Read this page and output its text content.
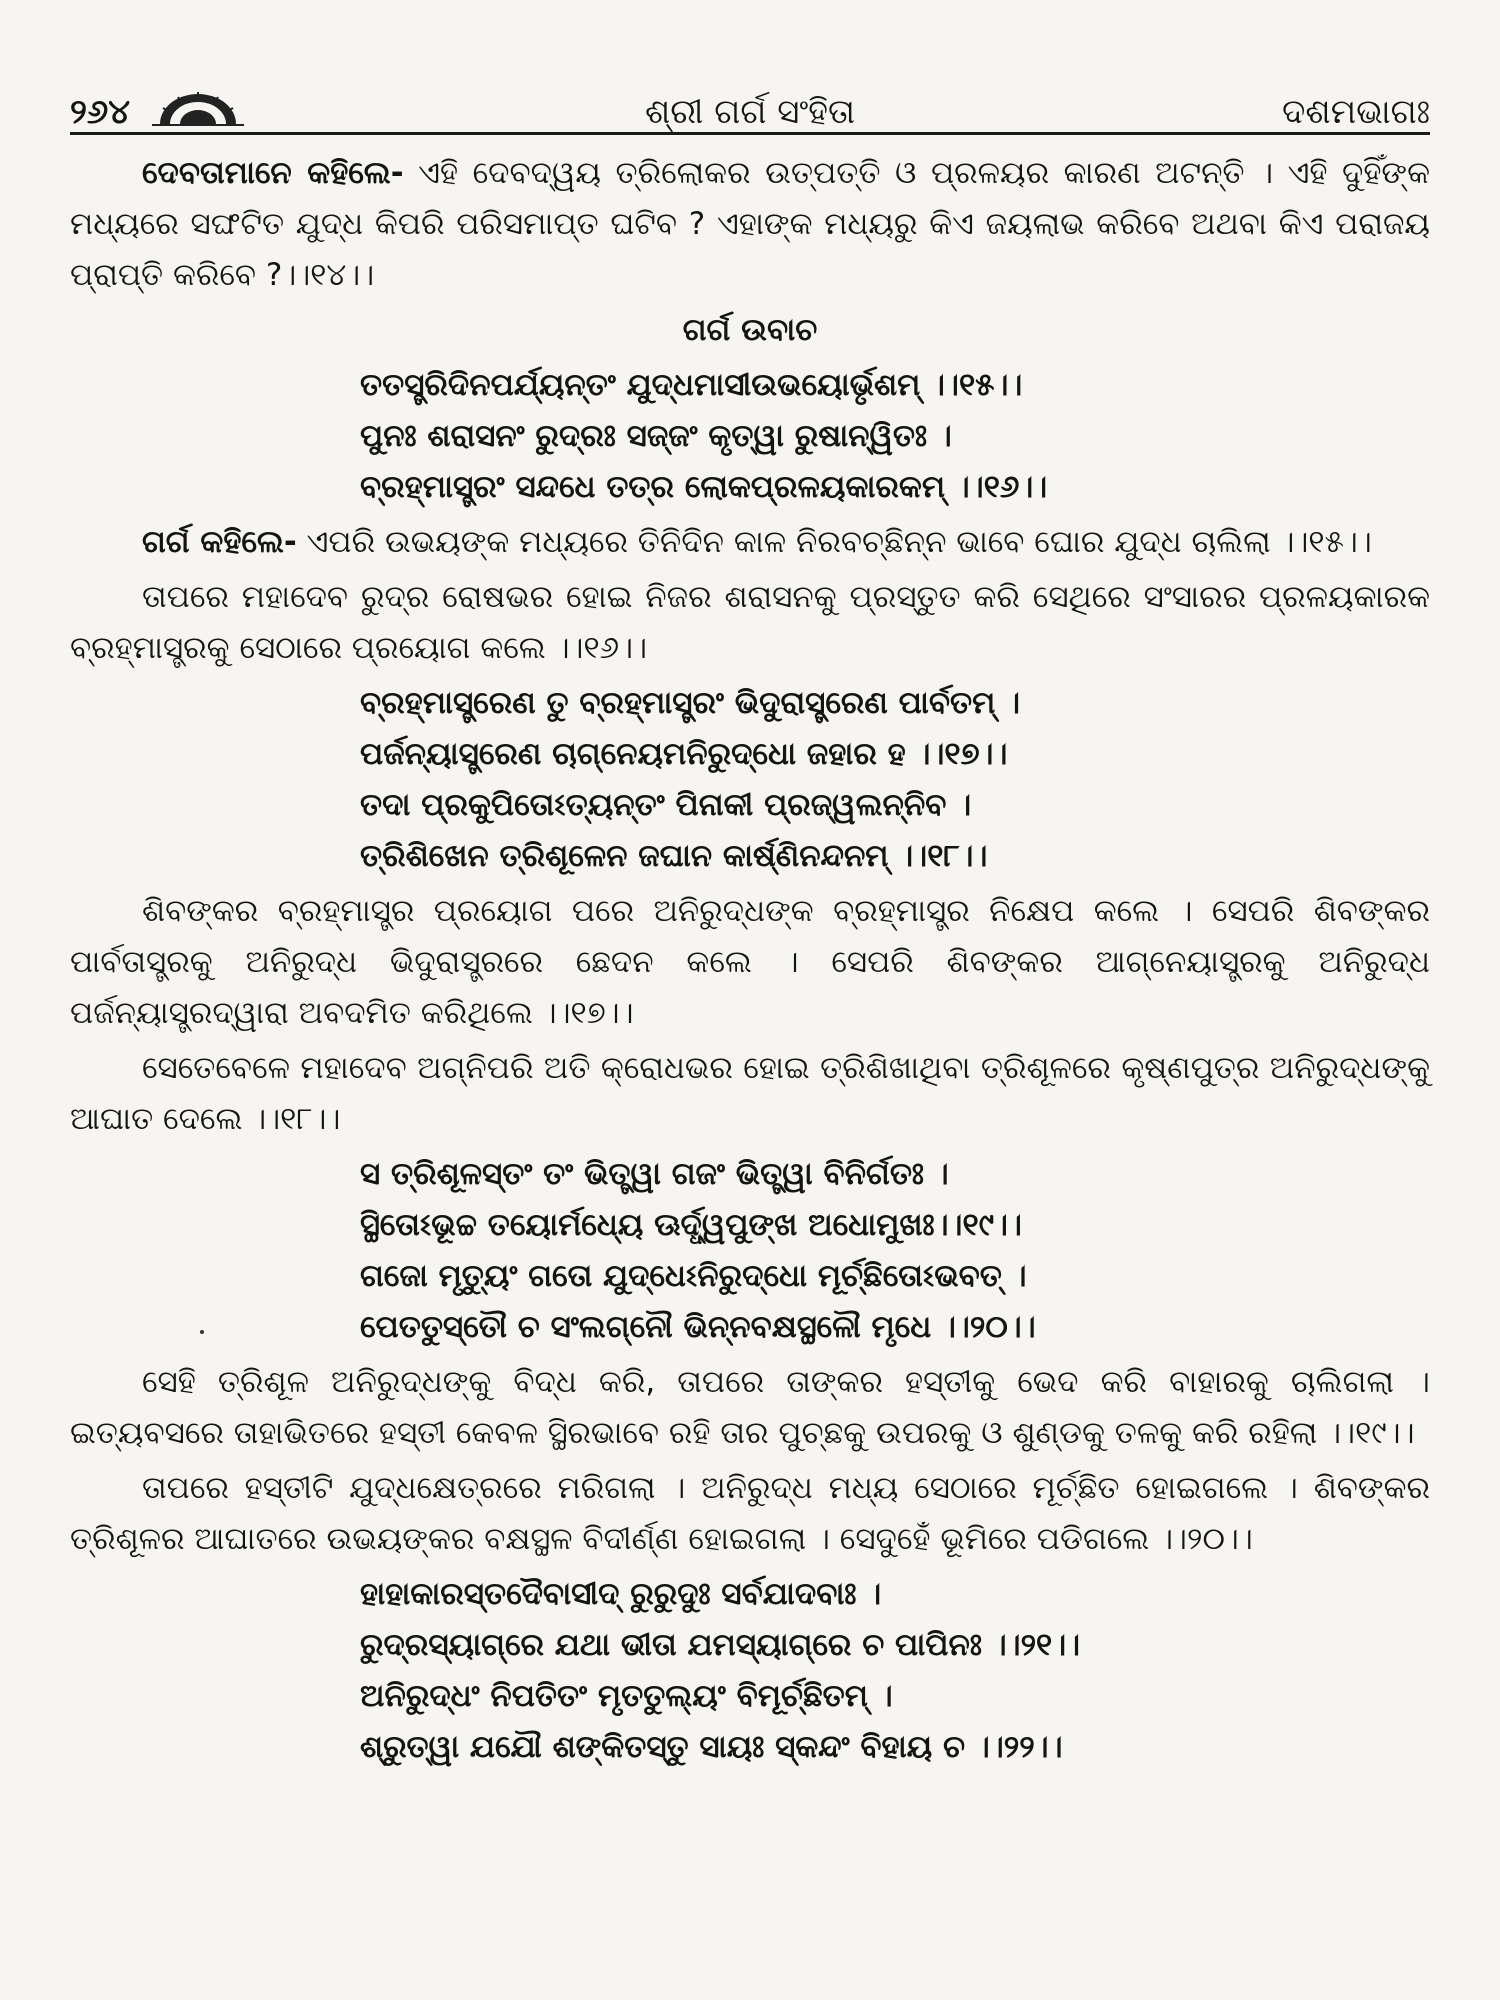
୨୬୪	ଶ୍ରୀ ଗର୍ଗ ସଂହିତା	ଦଶମଭାଗଃ

ଦେବତାମାନେ କହିଲେ- ଏହି ଦେବଦ୍ୱୟ ତ୍ରିଲୋକର ଉତ୍ପତ୍ତି ଓ ପ୍ରଳୟର କାରଣ ଅଟନ୍ତି । ଏହି ଦୁହିଁଙ୍କ ମଧ୍ୟରେ ସଙ୍ଘଟିତ ଯୁଦ୍ଧ କିପରି ପରିସମାପ୍ତ ଘଟିବ ? ଏହାଙ୍କ ମଧ୍ୟରୁ କିଏ ଜୟଲାଭ କରିବେ ଅଥବା କିଏ ପରାଜୟ ପ୍ରାପ୍ତି କରିବେ ?।।୧୪।।

ଗର୍ଗ ଉବାଚ
ତତସ୍ତ୍ରିଦିନପର୍ଯ୍ୟନ୍ତଂ ଯୁଦ୍ଧମାସୀଉଭୟୋର୍ଭୃଶମ୍ ।।୧୫।।
ପୁନଃ ଶରାସନଂ ରୁଦ୍ରଃ ସଜ୍ଜଂ କୃତ୍ୱା ରୁଷାନ୍ୱିତଃ ।
ବ୍ରହ୍ମାସ୍ତ୍ରଂ ସନ୍ଦଧେ ତତ୍ର ଲୋକପ୍ରଳୟକାରକମ୍ ।।୧୬।।

ଗର୍ଗ କହିଲେ- ଏପରି ଉଭୟଙ୍କ ମଧ୍ୟରେ ତିନିଦିନ କାଳ ନିରବଚ୍ଛିନ୍ନ ଭାବେ ଘୋର ଯୁଦ୍ଧ ଚାଲିଲା ।।୧୫।।

ତାପରେ ମହାଦେବ ରୁଦ୍ର ରୋଷଭର ହୋଇ ନିଜର ଶରାସନକୁ ପ୍ରସ୍ତୁତ କରି ସେଥିରେ ସଂସାରର ପ୍ରଳୟକାରକ ବ୍ରହ୍ମାସ୍ତ୍ରକୁ ସେଠାରେ ପ୍ରୟୋଗ କଲେ ।।୧୬।।

ବ୍ରହ୍ମାସ୍ତ୍ରେଣ ତୁ ବ୍ରହ୍ମାସ୍ତ୍ରଂ ଭିଦୁରାସ୍ତ୍ରେଣ ପାର୍ବତମ୍ ।
ପର୍ଜନ୍ୟାସ୍ତ୍ରେଣ ଚାଗ୍ନେୟମନିରୁଦ୍ଧୋ ଜହାର ହ ।।୧୭।।
ତଦା ପ୍ରକୁପିତୋଽତ୍ୟନ୍ତଂ ପିନାକୀ ପ୍ରଜ୍ୱଲନ୍ନିବ ।
ତ୍ରିଶିଖେନ ତ୍ରିଶୂଳେନ ଜଘାନ କାର୍ଷ୍ଣିନନ୍ଦନମ୍ ।।୧୮।।

ଶିବଙ୍କର ବ୍ରହ୍ମାସ୍ତ୍ର ପ୍ରୟୋଗ ପରେ ଅନିରୁଦ୍ଧଙ୍କ ବ୍ରହ୍ମାସ୍ତ୍ର ନିକ୍ଷେପ କଲେ । ସେପରି ଶିବଙ୍କର ପାର୍ବତାସ୍ତ୍ରକୁ ଅନିରୁଦ୍ଧ ଭିଦୁରାସ୍ତ୍ରରେ ଛେଦନ କଲେ । ସେପରି ଶିବଙ୍କର ଆଗ୍ନେୟାସ୍ତ୍ରକୁ ଅନିରୁଦ୍ଧ ପର୍ଜନ୍ୟାସ୍ତ୍ରଦ୍ୱାରା ଅବଦମିତ କରିଥିଲେ ।।୧୭।।

ସେତେବେଳେ ମହାଦେବ ଅଗ୍ନିପରି ଅତି କ୍ରୋଧଭର ହୋଇ ତ୍ରିଶିଖାଥିବା ତ୍ରିଶୂଳରେ କୃଷ୍ଣପୁତ୍ର ଅନିରୁଦ୍ଧଙ୍କୁ ଆଘାତ ଦେଲେ ।।୧୮।।

ସ ତ୍ରିଶୂଳସ୍ତଂ ତଂ ଭିତ୍ତ୍ୱା ଗଜଂ ଭିତ୍ତ୍ୱା ବିନିର୍ଗତଃ ।
ସ୍ଥିତୋଽଭୂଚ୍ଚ ତୟୋର୍ମଧ୍ୟେ ଊର୍ଦ୍ଧ୍ୱପୁଙ୍ଖ ଅଧୋମୁଖଃ।।୧୯।।
ଗଜୋ ମୃତ୍ୟୁଂ ଗତୋ ଯୁଦ୍ଧେଽନିରୁଦ୍ଧୋ ମୂର୍ଚ୍ଛିତୋଽଭବତ୍ ।
ପେତତୁସ୍ତୌ ଚ ସଂଲଗ୍ନୌ ଭିନ୍ନବକ୍ଷସ୍ଥଳୌ ମୃଧେ ।।୨୦।।

ସେହି ତ୍ରିଶୂଳ ଅନିରୁଦ୍ଧଙ୍କୁ ବିଦ୍ଧ କରି, ତାପରେ ତାଙ୍କର ହସ୍ତୀକୁ ଭେଦ କରି ବାହାରକୁ ଚାଲିଗଲା । ଇତ୍ୟବସରେ ତାହାଭିତରେ ହସ୍ତୀ କେବଳ ସ୍ଥିରଭାବେ ରହି ତାର ପୁଚ୍ଛକୁ ଉପରକୁ ଓ ଶୁଣ୍ଡକୁ ତଳକୁ କରି ରହିଲା ।।୧୯।।

ତାପରେ ହସ୍ତୀଟି ଯୁଦ୍ଧକ୍ଷେତ୍ରରେ ମରିଗଲା । ଅନିରୁଦ୍ଧ ମଧ୍ୟ ସେଠାରେ ମୂର୍ଚ୍ଛିତ ହୋଇଗଲେ । ଶିବଙ୍କର ତ୍ରିଶୂଳର ଆଘାତରେ ଉଭୟଙ୍କର ବକ୍ଷସ୍ଥଳ ବିଦୀର୍ଣ୍ଣ ହୋଇଗଲା । ସେଦୁହେଁ ଭୂମିରେ ପଡିଗଲେ ।।୨୦।।

ହାହାକାରସ୍ତଦୈବାସୀଦ୍ ରୁରୁଦୁଃ ସର୍ବଯାଦବାଃ ।
ରୁଦ୍ରସ୍ୟାଗ୍ରେ ଯଥା ଭୀତା ଯମସ୍ୟାଗ୍ରେ ଚ ପାପିନଃ ।।୨୧।।
ଅନିରୁଦ୍ଧଂ ନିପତିତଂ ମୃତତୁଲ୍ୟଂ ବିମୂର୍ଚ୍ଛିତମ୍ ।
ଶ୍ରୁତ୍ୱା ଯଯୌ ଶଙ୍କିତସ୍ତୁ ସାୟଃ ସ୍କନ୍ଦଂ ବିହାୟ ଚ ।।୨୨।।
